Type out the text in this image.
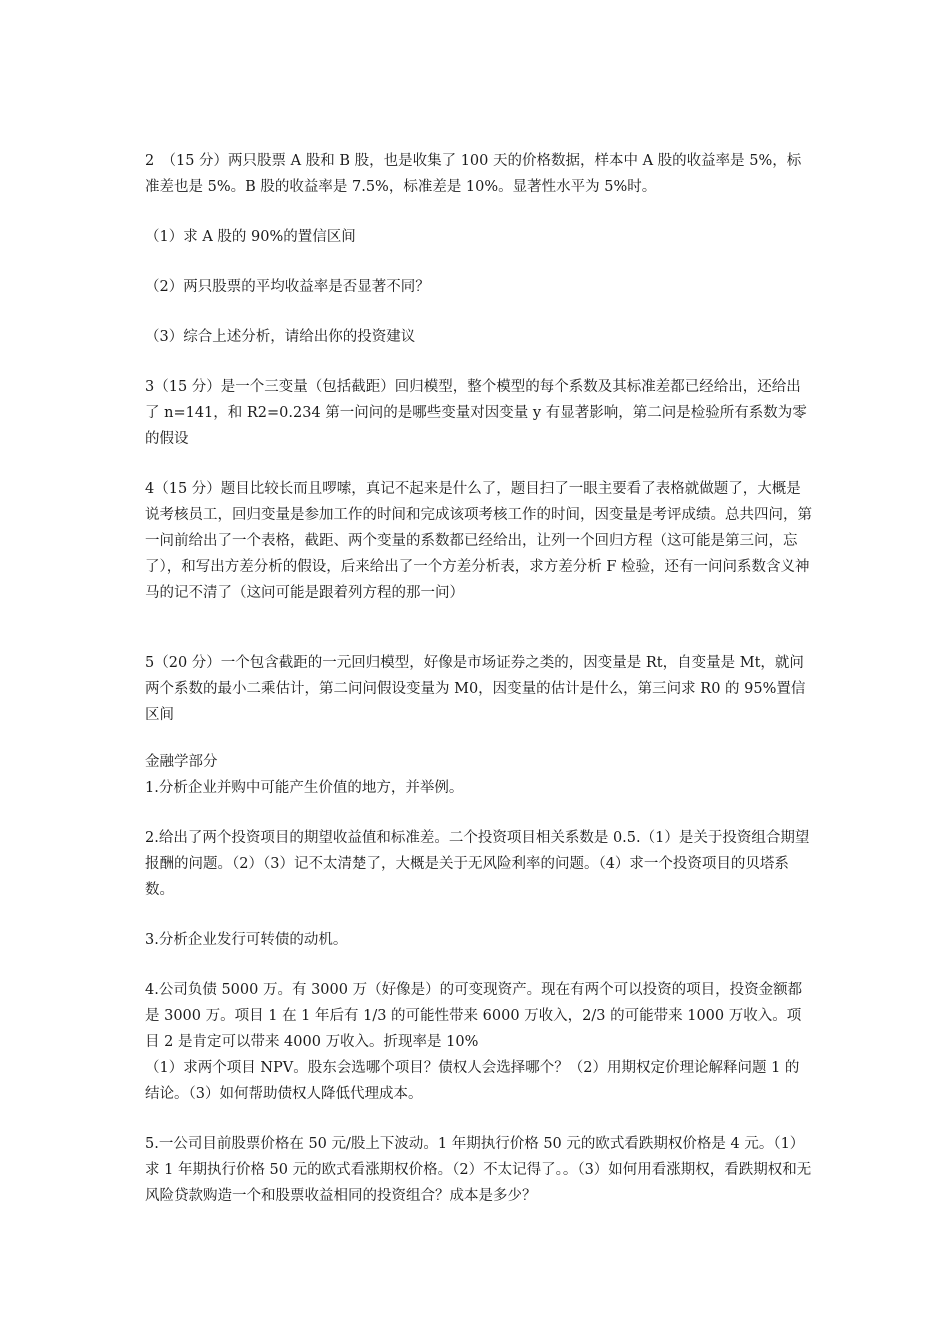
2　（15 分）两只股票 A 股和 B 股，也是收集了 100 天的价格数据，样本中 A 股的收益率是 5%，标准差也是 5%。B 股的收益率是 7.5%，标准差是 10%。显著性水平为 5%时。

（1）求 A 股的 90%的置信区间

（2）两只股票的平均收益率是否显著不同？

（3）综合上述分析，请给出你的投资建议

3（15 分）是一个三变量（包括截距）回归模型，整个模型的每个系数及其标准差都已经给出，还给出了 n=141，和 R2=0.234 第一问问的是哪些变量对因变量 y 有显著影响，第二问是检验所有系数为零的假设

4（15 分）题目比较长而且啰嗦，真记不起来是什么了，题目扫了一眼主要看了表格就做题了，大概是说考核员工，回归变量是参加工作的时间和完成该项考核工作的时间，因变量是考评成绩。总共四问，第一问前给出了一个表格，截距、两个变量的系数都已经给出，让列一个回归方程（这可能是第三问，忘了），和写出方差分析的假设，后来给出了一个方差分析表，求方差分析 F 检验，还有一问问系数含义神马的记不清了（这问可能是跟着列方程的那一问）

5（20 分）一个包含截距的一元回归模型，好像是市场证券之类的，因变量是 Rt，自变量是 Mt，就问两个系数的最小二乘估计，第二问问假设变量为 M0，因变量的估计是什么，第三问求 R0 的 95%置信区间

金融学部分

1.分析企业并购中可能产生价值的地方，并举例。

2.给出了两个投资项目的期望收益值和标准差。二个投资项目相关系数是 0.5.（1）是关于投资组合期望报酬的问题。（2）（3）记不太清楚了，大概是关于无风险利率的问题。（4）求一个投资项目的贝塔系数。

3.分析企业发行可转债的动机。

4.公司负债 5000 万。有 3000 万（好像是）的可变现资产。现在有两个可以投资的项目，投资金额都是 3000 万。项目 1 在 1 年后有 1/3 的可能性带来 6000 万收入，2/3 的可能带来 1000 万收入。项目 2 是肯定可以带来 4000 万收入。折现率是 10%

（1）求两个项目 NPV。股东会选哪个项目？债权人会选择哪个？（2）用期权定价理论解释问题 1 的结论。（3）如何帮助债权人降低代理成本。

5.一公司目前股票价格在 50 元/股上下波动。1 年期执行价格 50 元的欧式看跌期权价格是 4 元。（1）求 1 年期执行价格 50 元的欧式看涨期权价格。（2）不太记得了。。（3）如何用看涨期权，看跌期权和无风险贷款购造一个和股票收益相同的投资组合？成本是多少？
